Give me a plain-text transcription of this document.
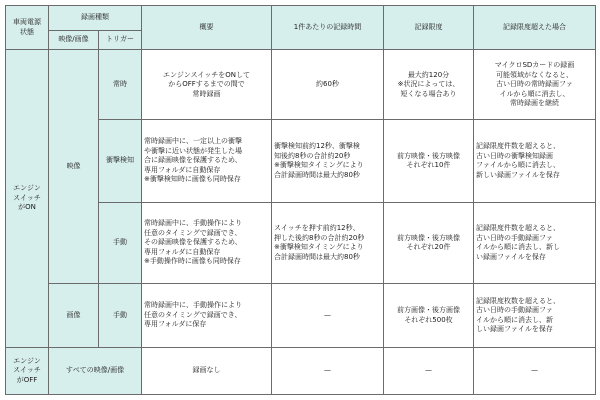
車両電源
状態	録画種類		概要	1件あたりの記録時間	記録限度	記録限度超えた場合
	映像/画像	トリガー				
エンジン
スイッチ
がON	映像	常時	エンジンスイッチをONして
からOFFするまでの間で
常時録画	約60秒	最大約120分
※状況によっては、
短くなる場合あり	マイクロSDカードの録画
可能領域がなくなると、
古い日時の常時録画ファ
イルから順に消去し、
常時録画を継続
		衝撃検知	常時録画中に、一定以上の衝撃
や衝撃に近い状態が発生した場
合に録画映像を保護するため、
専用フォルダに自動保存
※衝撃検知時に画像も同時保存	衝撃検知前約12秒、衝撃検
知後約8秒の合計約20秒
※衝撃検知タイミングにより
合計録画時間は最大約80秒	前方映像・後方映像
それぞれ10件	記録限度件数を超えると、
古い日時の衝撃検知録画
ファイルから順に消去し、
新しい録画ファイルを保存
		手動	常時録画中に、手動操作により
任意のタイミングで録画でき、
その録画映像を保護するため、
専用フォルダに自動保存
※手動操作時に画像も同時保存	スイッチを押す前約12秒、
押した後約8秒の合計約20秒
※衝撃検知タイミングにより
合計録画時間は最大約80秒	前方映像・後方映像
それぞれ20件	記録限度件数を超えると、
古い日時の手動録画ファ
イルから順に消去し、新し
い録画ファイルを保存
	画像	手動	常時録画中に、手動操作により
任意のタイミングで録画でき、
専用フォルダに保存	—	前方画像・後方画像
それぞれ500枚	記録限度枚数を超えると、
古い日時の手動録画ファ
イルから順に消去し、新
しい録画ファイルを保存
エンジン
スイッチ
がOFF	すべての映像/画像		録画なし	—	—	—
